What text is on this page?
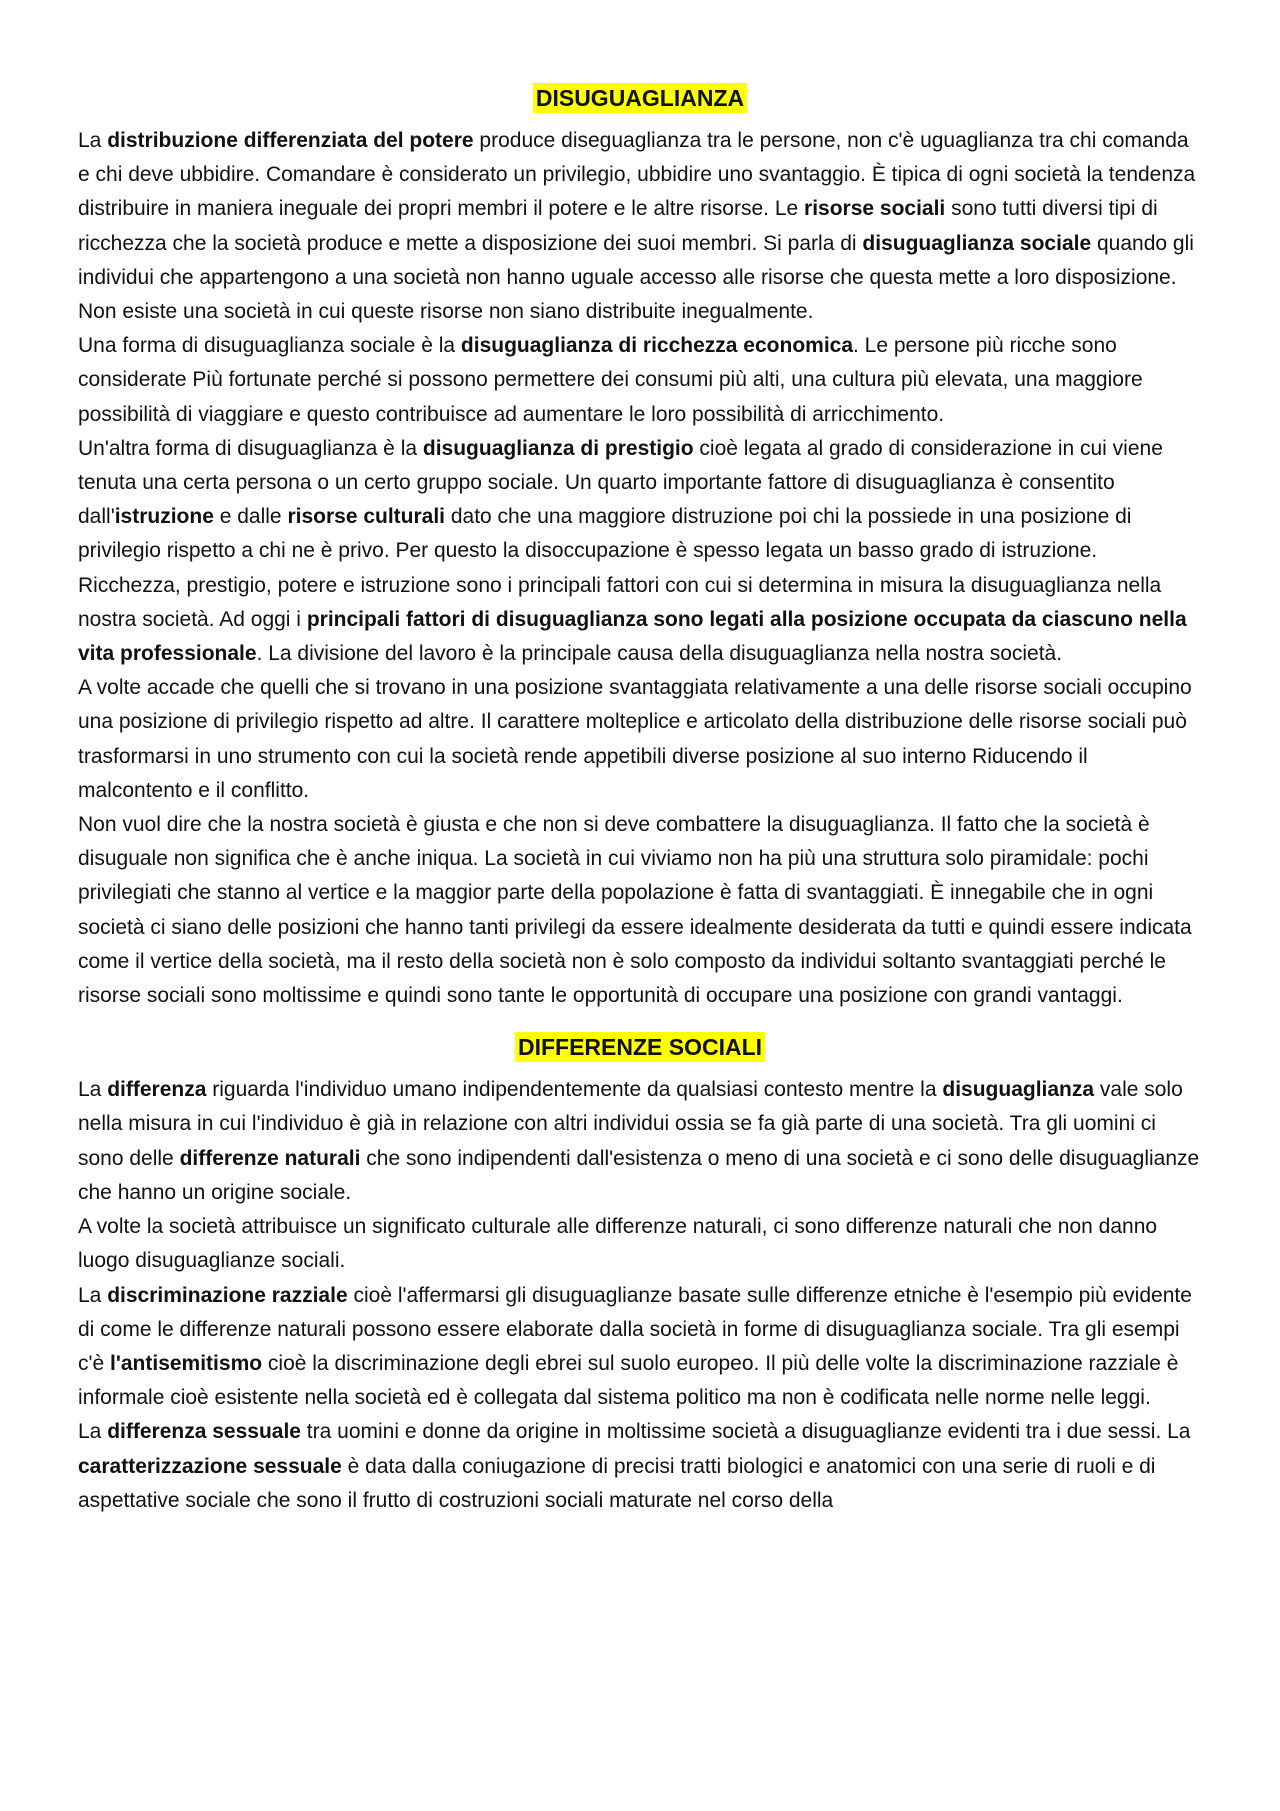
DISUGUAGLIANZA

La distribuzione differenziata del potere produce diseguaglianza tra le persone, non c'è uguaglianza tra chi comanda e chi deve ubbidire. Comandare è considerato un privilegio, ubbidire uno svantaggio. È tipica di ogni società la tendenza distribuire in maniera ineguale dei propri membri il potere e le altre risorse. Le risorse sociali sono tutti diversi tipi di ricchezza che la società produce e mette a disposizione dei suoi membri. Si parla di disuguaglianza sociale quando gli individui che appartengono a una società non hanno uguale accesso alle risorse che questa mette a loro disposizione. Non esiste una società in cui queste risorse non siano distribuite inegualmente.

Una forma di disuguaglianza sociale è la disuguaglianza di ricchezza economica. Le persone più ricche sono considerate Più fortunate perché si possono permettere dei consumi più alti, una cultura più elevata, una maggiore possibilità di viaggiare e questo contribuisce ad aumentare le loro possibilità di arricchimento.

Un'altra forma di disuguaglianza è la disuguaglianza di prestigio cioè legata al grado di considerazione in cui viene tenuta una certa persona o un certo gruppo sociale. Un quarto importante fattore di disuguaglianza è consentito dall'istruzione e dalle risorse culturali dato che una maggiore distruzione poi chi la possiede in una posizione di privilegio rispetto a chi ne è privo. Per questo la disoccupazione è spesso legata un basso grado di istruzione.

Ricchezza, prestigio, potere e istruzione sono i principali fattori con cui si determina in misura la disuguaglianza nella nostra società. Ad oggi i principali fattori di disuguaglianza sono legati alla posizione occupata da ciascuno nella vita professionale. La divisione del lavoro è la principale causa della disuguaglianza nella nostra società.

A volte accade che quelli che si trovano in una posizione svantaggiata relativamente a una delle risorse sociali occupino una posizione di privilegio rispetto ad altre. Il carattere molteplice e articolato della distribuzione delle risorse sociali può trasformarsi in uno strumento con cui la società rende appetibili diverse posizione al suo interno Riducendo il malcontento e il conflitto.

Non vuol dire che la nostra società è giusta e che non si deve combattere la disuguaglianza. Il fatto che la società è disuguale non significa che è anche iniqua. La società in cui viviamo non ha più una struttura solo piramidale: pochi privilegiati che stanno al vertice e la maggior parte della popolazione è fatta di svantaggiati. È innegabile che in ogni società ci siano delle posizioni che hanno tanti privilegi da essere idealmente desiderata da tutti e quindi essere indicata come il vertice della società, ma il resto della società non è solo composto da individui soltanto svantaggiati perché le risorse sociali sono moltissime e quindi sono tante le opportunità di occupare una posizione con grandi vantaggi.

DIFFERENZE SOCIALI

La differenza riguarda l'individuo umano indipendentemente da qualsiasi contesto mentre la disuguaglianza vale solo nella misura in cui l'individuo è già in relazione con altri individui ossia se fa già parte di una società. Tra gli uomini ci sono delle differenze naturali che sono indipendenti dall'esistenza o meno di una società e ci sono delle disuguaglianze che hanno un origine sociale.

A volte la società attribuisce un significato culturale alle differenze naturali, ci sono differenze naturali che non danno luogo disuguaglianze sociali.

La discriminazione razziale cioè l'affermarsi gli disuguaglianze basate sulle differenze etniche è l'esempio più evidente di come le differenze naturali possono essere elaborate dalla società in forme di disuguaglianza sociale. Tra gli esempi c'è l'antisemitismo cioè la discriminazione degli ebrei sul suolo europeo. Il più delle volte la discriminazione razziale è informale cioè esistente nella società ed è collegata dal sistema politico ma non è codificata nelle norme nelle leggi.

La differenza sessuale tra uomini e donne da origine in moltissime società a disuguaglianze evidenti tra i due sessi. La caratterizzazione sessuale è data dalla coniugazione di precisi tratti biologici e anatomici con una serie di ruoli e di aspettative sociale che sono il frutto di costruzioni sociali maturate nel corso della
